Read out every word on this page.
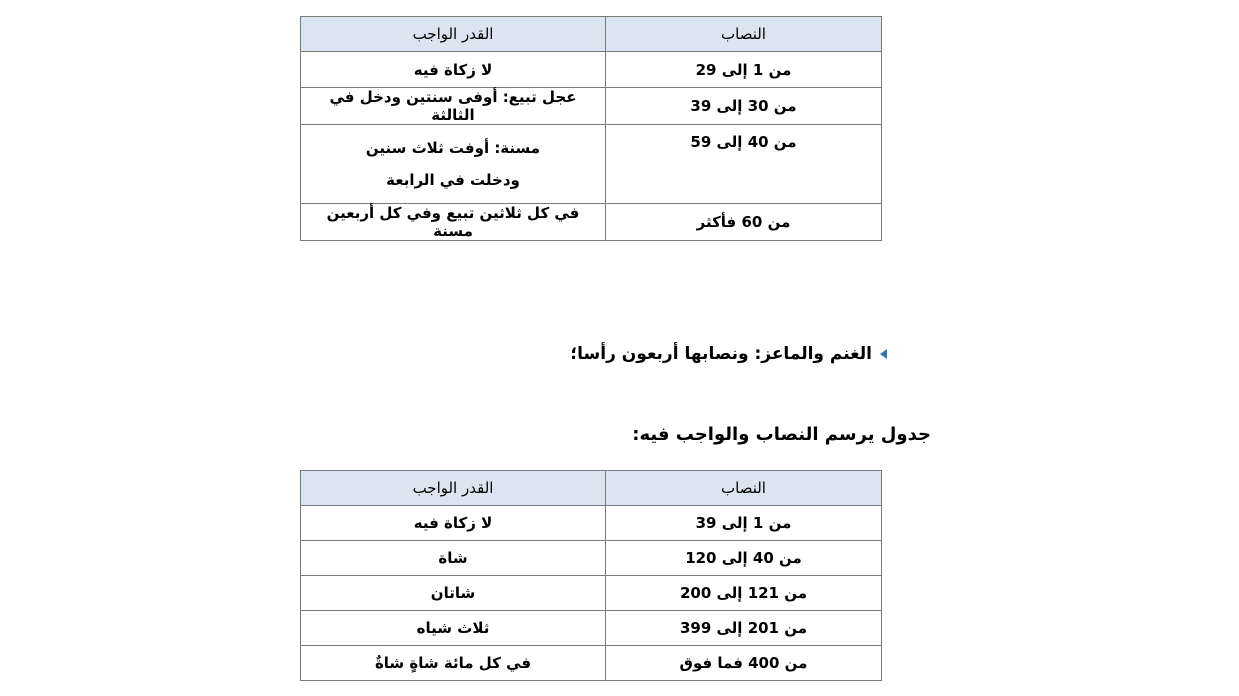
النصاب	القدر الواجب
من 1 إلى 29	لا زكاة فيه
من 30 إلى 39	عجل تبيع: أوفى سنتين ودخل في الثالثة
من 40 إلى 59	مسنة: أوفت ثلاث سنين
ودخلت في الرابعة

من 60 فأكثر	في كل ثلاثين تبيع وفي كل أربعين مسنة
الغنم والماعز: ونصابها أربعون رأسا؛
جدول يرسم النصاب والواجب فيه:
النصاب	القدر الواجب
من 1 إلى 39	لا زكاة فيه
من 40 إلى 120	شاة
من 121 إلى 200	شاتان
من 201 إلى 399	ثلاث شياه
من 400 فما فوق	في كل مائة شاةٍ شاةٌ
